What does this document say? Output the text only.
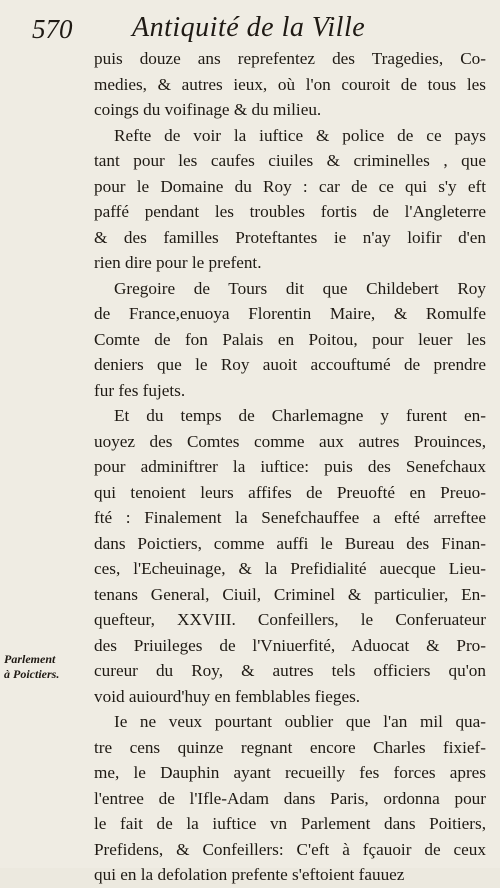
570 Antiquité de la Ville
puis douze ans reprefentez des Tragedies, Co-
medies, & autres ieux, où l'on couroit de tous les
coings du voifinage & du milieu.
Refte de voir la iuftice & police de ce pays
tant pour les caufes ciuiles & criminelles , que
pour le Domaine du Roy : car de ce qui s'y eft
paffé pendant les troubles fortis de l'Angleterre
& des familles Proteftantes ie n'ay loifir d'en
rien dire pour le prefent.
Gregoire de Tours dit que Childebert Roy
de France,enuoya Florentin Maire, & Romulfe
Comte de fon Palais en Poitou, pour leuer les
deniers que le Roy auoit accouftumé de prendre
fur fes fujets.
Et du temps de Charlemagne y furent en-
uoyez des Comtes comme aux autres Prouinces,
pour adminiftrer la iuftice: puis des Senefchaux
qui tenoient leurs affifes de Preuofté en Preuo-
fté : Finalement la Senefchauffee a efté arreftee
dans Poictiers, comme auffi le Bureau des Finan-
ces, l'Echeuinage, & la Prefidialité auecque Lieu-
tenans General, Ciuil, Criminel & particulier, En-
quefteur, XXVIII. Confeillers, le Conferuateur
des Priuileges de l'Vniuerfité, Aduocat & Pro-
cureur du Roy, & autres tels officiers qu'on
void auiourd'huy en femblables fieges.
Ie ne veux pourtant oublier que l'an mil qua-
tre cens quinze regnant encore Charles fixief-
me, le Dauphin ayant recueilly fes forces apres
l'entree de l'Ifle-Adam dans Paris, ordonna pour
le fait de la iuftice vn Parlement dans Poitiers,
Prefidens, & Confeillers: C'eft à fçauoir de ceux
qui en la defolation prefente s'eftoient fauuez
Parlement
à Poictiers.
